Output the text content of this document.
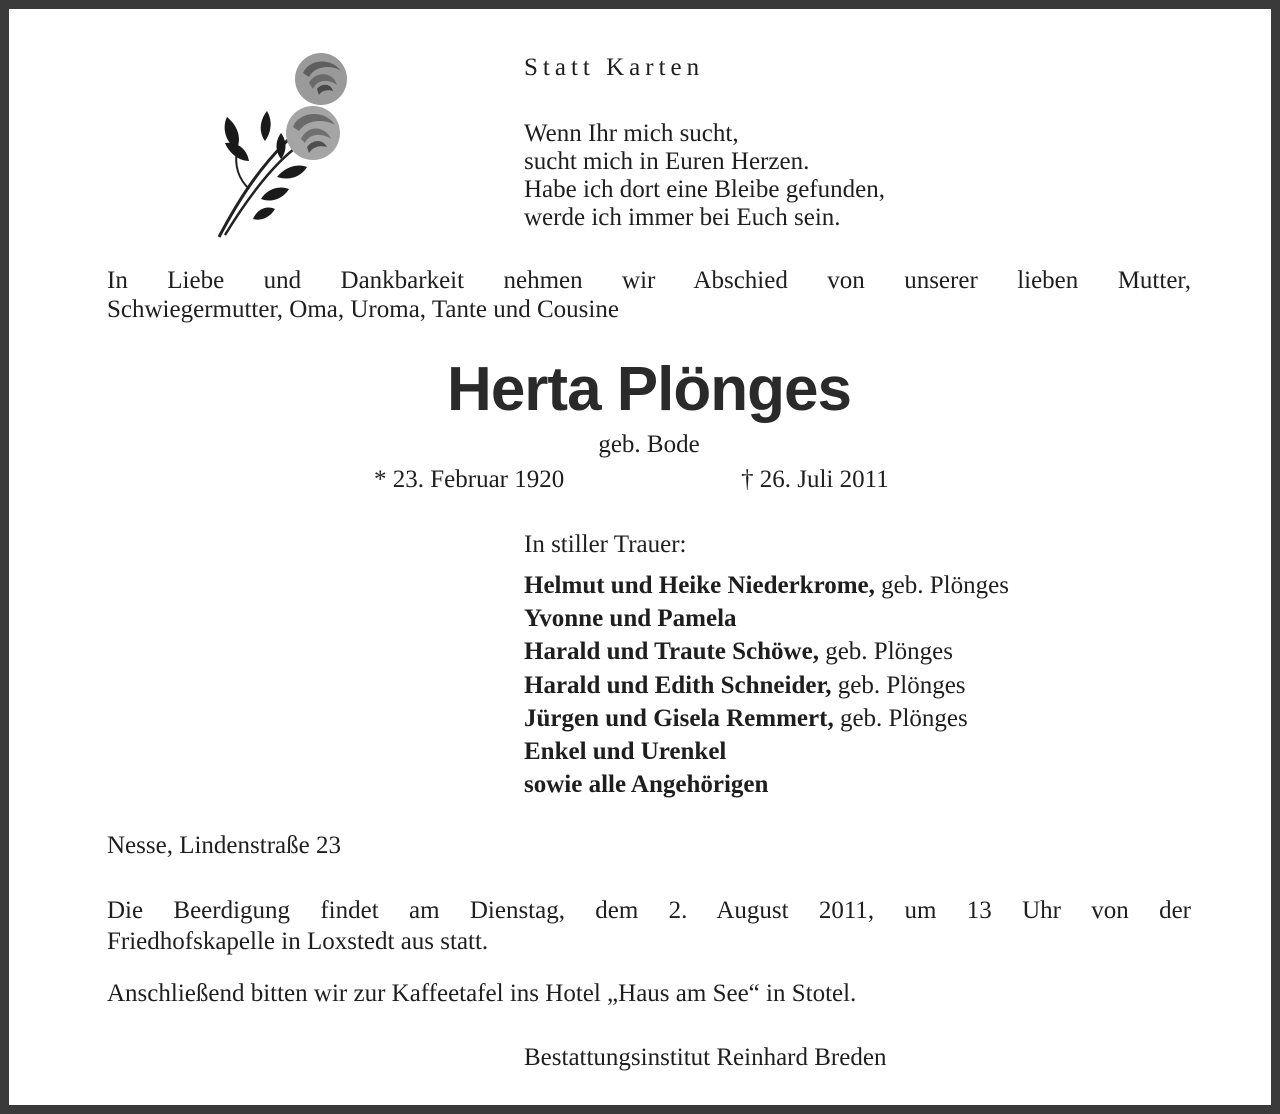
Statt Karten
Wenn Ihr mich sucht,
sucht mich in Euren Herzen.
Habe ich dort eine Bleibe gefunden,
werde ich immer bei Euch sein.
In Liebe und Dankbarkeit nehmen wir Abschied von unserer lieben Mutter,
Schwiegermutter, Oma, Uroma, Tante und Cousine
Herta Plönges
geb. Bode
* 23. Februar 1920	† 26. Juli 2011
In stiller Trauer:
Helmut und Heike Niederkrome, geb. Plönges
Yvonne und Pamela
Harald und Traute Schöwe, geb. Plönges
Harald und Edith Schneider, geb. Plönges
Jürgen und Gisela Remmert, geb. Plönges
Enkel und Urenkel
sowie alle Angehörigen
Nesse, Lindenstraße 23
Die Beerdigung findet am Dienstag, dem 2. August 2011, um 13 Uhr von der
Friedhofskapelle in Loxstedt aus statt.
Anschließend bitten wir zur Kaffeetafel ins Hotel „Haus am See“ in Stotel.
Bestattungsinstitut Reinhard Breden
